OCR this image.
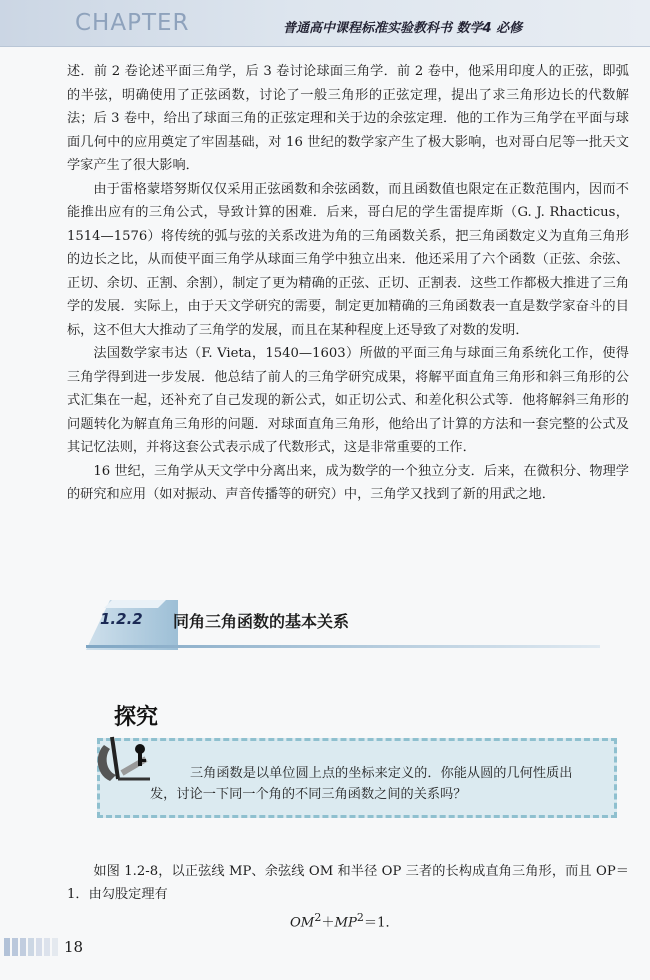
CHAPTER	普通高中课程标准实验教科书 数学4 必修

述．前 2 卷论述平面三角学，后 3 卷讨论球面三角学．前 2 卷中，他采用印度人的正弦，即弧的半弦，明确使用了正弦函数，讨论了一般三角形的正弦定理，提出了求三角形边长的代数解法；后 3 卷中，给出了球面三角的正弦定理和关于边的余弦定理．他的工作为三角学在平面与球面几何中的应用奠定了牢固基础，对 16 世纪的数学家产生了极大影响，也对哥白尼等一批天文学家产生了很大影响．

由于雷格蒙塔努斯仅仅采用正弦函数和余弦函数，而且函数值也限定在正数范围内，因而不能推出应有的三角公式，导致计算的困难．后来，哥白尼的学生雷提库斯（G. J. Rhacticus，1514—1576）将传统的弧与弦的关系改进为角的三角函数关系，把三角函数定义为直角三角形的边长之比，从而使平面三角学从球面三角学中独立出来．他还采用了六个函数（正弦、余弦、正切、余切、正割、余割），制定了更为精确的正弦、正切、正割表．这些工作都极大推进了三角学的发展．实际上，由于天文学研究的需要，制定更加精确的三角函数表一直是数学家奋斗的目标，这不但大大推动了三角学的发展，而且在某种程度上还导致了对数的发明．

法国数学家韦达（F. Vieta，1540—1603）所做的平面三角与球面三角系统化工作，使得三角学得到进一步发展．他总结了前人的三角学研究成果，将解平面直角三角形和斜三角形的公式汇集在一起，还补充了自己发现的新公式，如正切公式、和差化积公式等．他将解斜三角形的问题转化为解直角三角形的问题．对球面直角三角形，他给出了计算的方法和一套完整的公式及其记忆法则，并将这套公式表示成了代数形式，这是非常重要的工作．

16 世纪，三角学从天文学中分离出来，成为数学的一个独立分支．后来，在微积分、物理学的研究和应用（如对振动、声音传播等的研究）中，三角学又找到了新的用武之地．

1.2.2 同角三角函数的基本关系
探究
三角函数是以单位圆上点的坐标来定义的．你能从圆的几何性质出
发，讨论一下同一个角的不同三角函数之间的关系吗？

如图 1.2-8，以正弦线 MP、余弦线 OM 和半径 OP 三者的长构成直角三角形，而且 OP＝1．由勾股定理有

$OM^2+MP^2=1$．
18
